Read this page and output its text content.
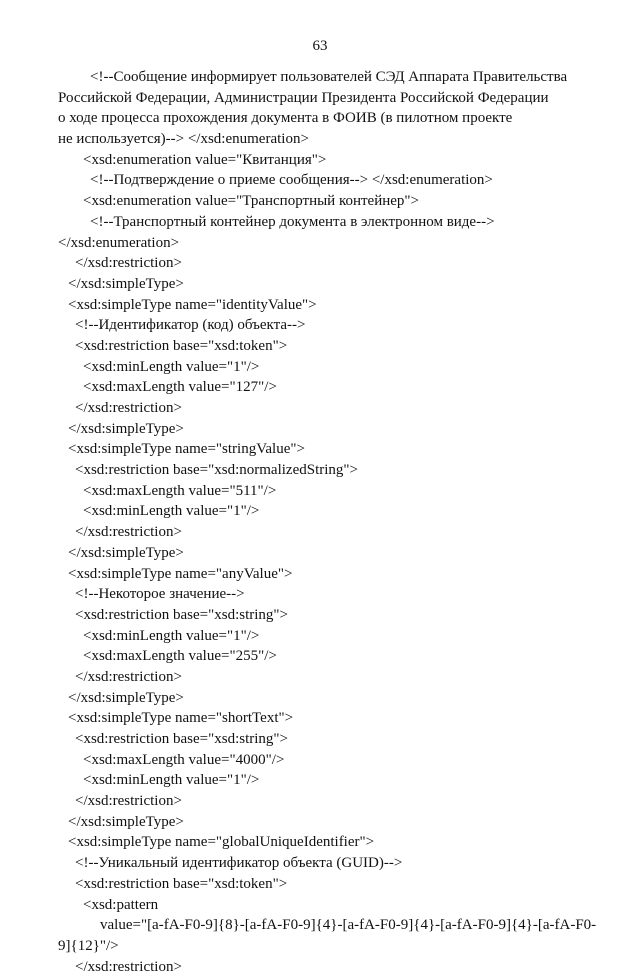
63
<!--Сообщение информирует пользователей СЭД Аппарата Правительства
Российской Федерации, Администрации Президента Российской Федерации
о ходе процесса прохождения документа в ФОИВ (в пилотном проекте
не используется)--> </xsd:enumeration>
<xsd:enumeration value="Квитанция">
<!--Подтверждение о приеме сообщения--> </xsd:enumeration>
<xsd:enumeration value="Транспортный контейнер">
<!--Транспортный контейнер документа в электронном виде-->
</xsd:enumeration>
</xsd:restriction>
</xsd:simpleType>
<xsd:simpleType name="identityValue">
<!--Идентификатор (код) объекта-->
<xsd:restriction base="xsd:token">
<xsd:minLength value="1"/>
<xsd:maxLength value="127"/>
</xsd:restriction>
</xsd:simpleType>
<xsd:simpleType name="stringValue">
<xsd:restriction base="xsd:normalizedString">
<xsd:maxLength value="511"/>
<xsd:minLength value="1"/>
</xsd:restriction>
</xsd:simpleType>
<xsd:simpleType name="anyValue">
<!--Некоторое значение-->
<xsd:restriction base="xsd:string">
<xsd:minLength value="1"/>
<xsd:maxLength value="255"/>
</xsd:restriction>
</xsd:simpleType>
<xsd:simpleType name="shortText">
<xsd:restriction base="xsd:string">
<xsd:maxLength value="4000"/>
<xsd:minLength value="1"/>
</xsd:restriction>
</xsd:simpleType>
<xsd:simpleType name="globalUniqueIdentifier">
<!--Уникальный идентификатор объекта (GUID)-->
<xsd:restriction base="xsd:token">
<xsd:pattern
value="[a-fA-F0-9]{8}-[a-fA-F0-9]{4}-[a-fA-F0-9]{4}-[a-fA-F0-9]{4}-[a-fA-F0-
9]{12}"/>
</xsd:restriction>
